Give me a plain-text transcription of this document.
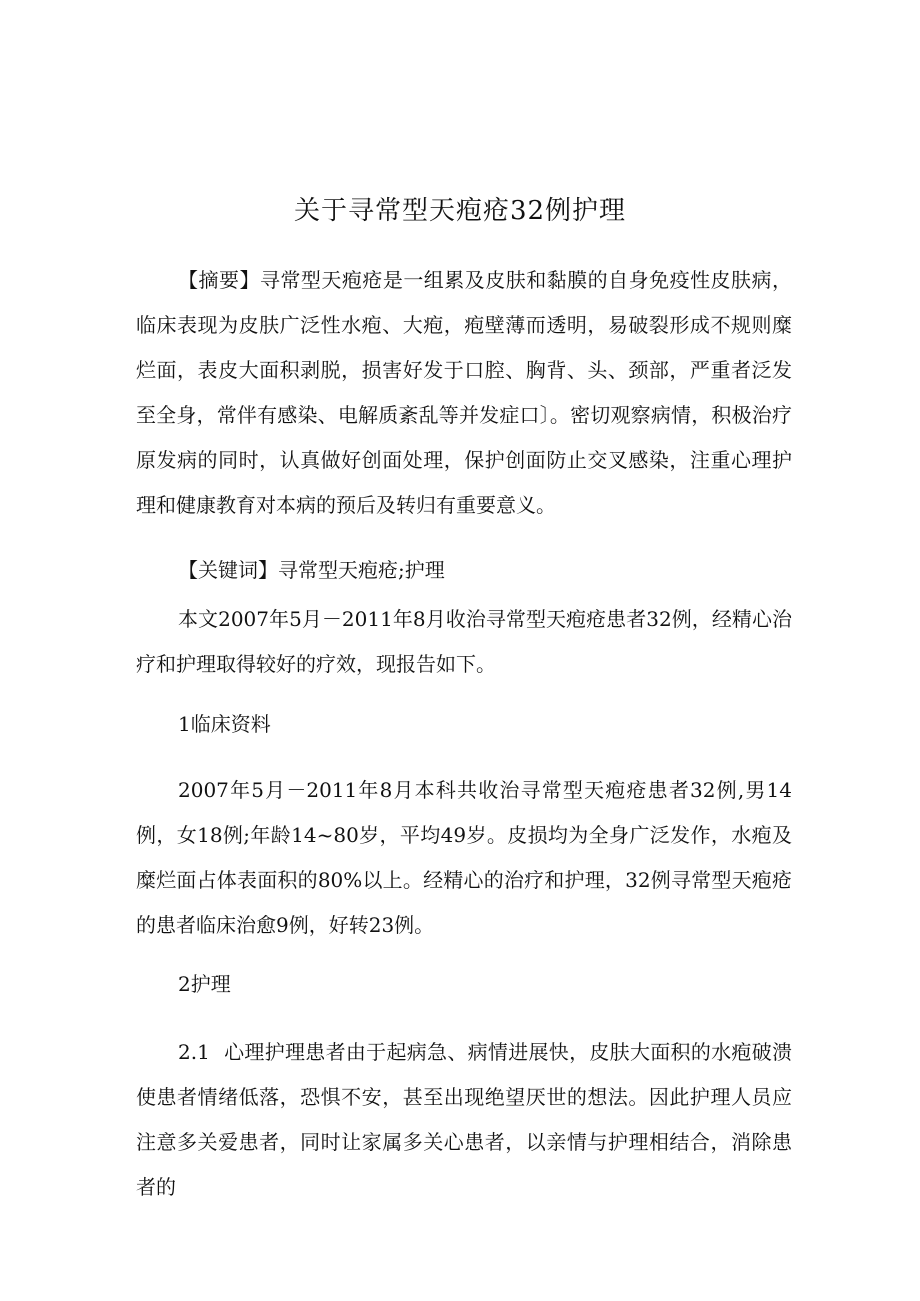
关于寻常型天疱疮32例护理

【摘要】寻常型天疱疮是一组累及皮肤和黏膜的自身免疫性皮肤病，临床表现为皮肤广泛性水疱、大疱，疱壁薄而透明，易破裂形成不规则糜烂面，表皮大面积剥脱，损害好发于口腔、胸背、头、颈部，严重者泛发至全身，常伴有感染、电解质紊乱等并发症口〕。密切观察病情，积极治疗原发病的同时，认真做好创面处理，保护创面防止交叉感染，注重心理护理和健康教育对本病的预后及转归有重要意义。

【关键词】寻常型天疱疮;护理

本文2007年5月－2011年8月收治寻常型天疱疮患者32例，经精心治疗和护理取得较好的疗效，现报告如下。

1临床资料

2007年5月－2011年8月本科共收治寻常型天疱疮患者32例,男14例，女18例;年龄14~80岁，平均49岁。皮损均为全身广泛发作，水疱及糜烂面占体表面积的80%以上。经精心的治疗和护理，32例寻常型天疱疮的患者临床治愈9例，好转23例。

2护理

2.1 心理护理患者由于起病急、病情进展快，皮肤大面积的水疱破溃使患者情绪低落，恐惧不安，甚至出现绝望厌世的想法。因此护理人员应注意多关爱患者，同时让家属多关心患者，以亲情与护理相结合，消除患者的
